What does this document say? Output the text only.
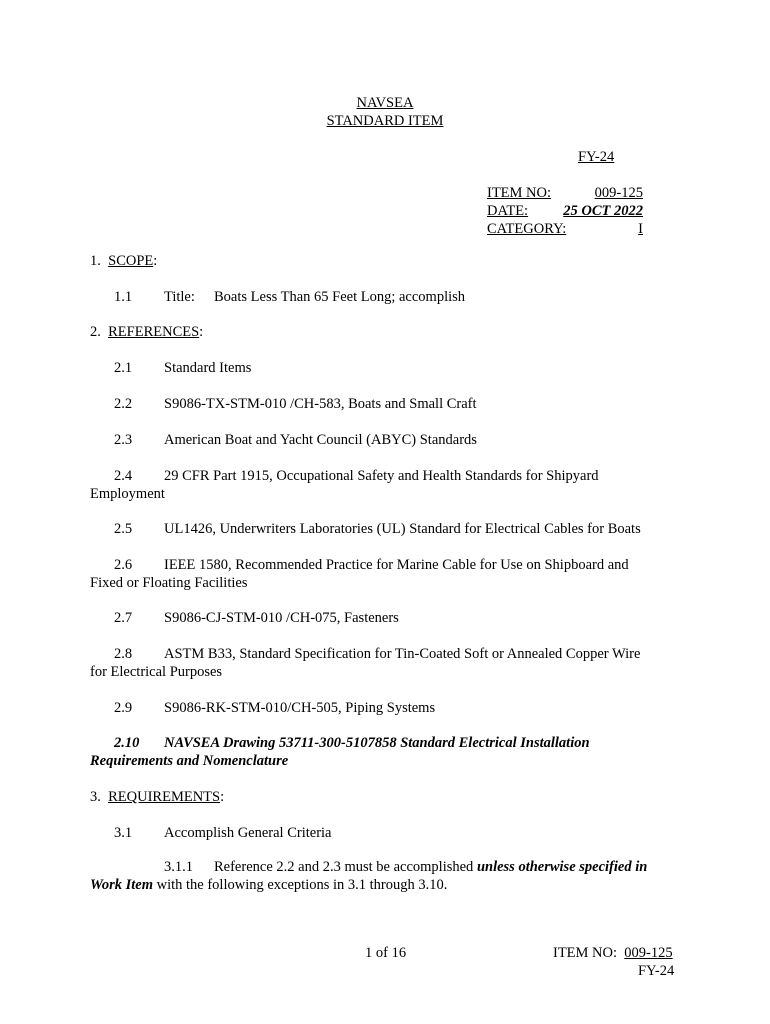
NAVSEA
STANDARD ITEM
FY-24
ITEM NO:	009-125
DATE: 25 OCT 2022
CATEGORY:	I
1. SCOPE:
1.1 Title: Boats Less Than 65 Feet Long; accomplish
2. REFERENCES:
2.1 Standard Items
2.2 S9086-TX-STM-010 /CH-583, Boats and Small Craft
2.3 American Boat and Yacht Council (ABYC) Standards
2.4 29 CFR Part 1915, Occupational Safety and Health Standards for Shipyard
Employment
2.5 UL1426, Underwriters Laboratories (UL) Standard for Electrical Cables for Boats
2.6 IEEE 1580, Recommended Practice for Marine Cable for Use on Shipboard and
Fixed or Floating Facilities
2.7 S9086-CJ-STM-010 /CH-075, Fasteners
2.8 ASTM B33, Standard Specification for Tin-Coated Soft or Annealed Copper Wire
for Electrical Purposes
2.9 S9086-RK-STM-010/CH-505, Piping Systems
2.10 NAVSEA Drawing 53711-300-5107858 Standard Electrical Installation
Requirements and Nomenclature
3. REQUIREMENTS:
3.1 Accomplish General Criteria
3.1.1 Reference 2.2 and 2.3 must be accomplished unless otherwise specified in
Work Item with the following exceptions in 3.1 through 3.10.
1 of 16	ITEM NO: 009-125
FY-24
